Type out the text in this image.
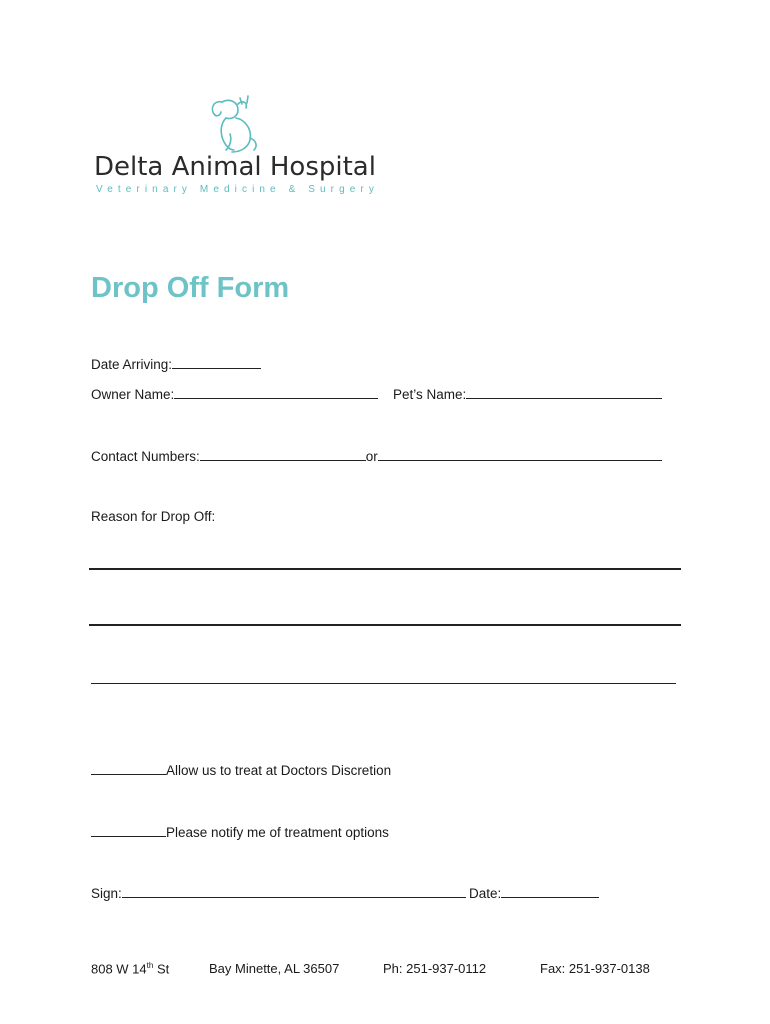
Delta Animal Hospital
Veterinary Medicine & Surgery
Drop Off Form
Date Arriving:
Owner Name:	Pet’s Name:
Contact Numbers:	or
Reason for Drop Off:
Allow us to treat at Doctors Discretion
Please notify me of treatment options
Sign:	Date:
808 W 14th St	Bay Minette, AL 36507	Ph: 251-937-0112	Fax: 251-937-0138
